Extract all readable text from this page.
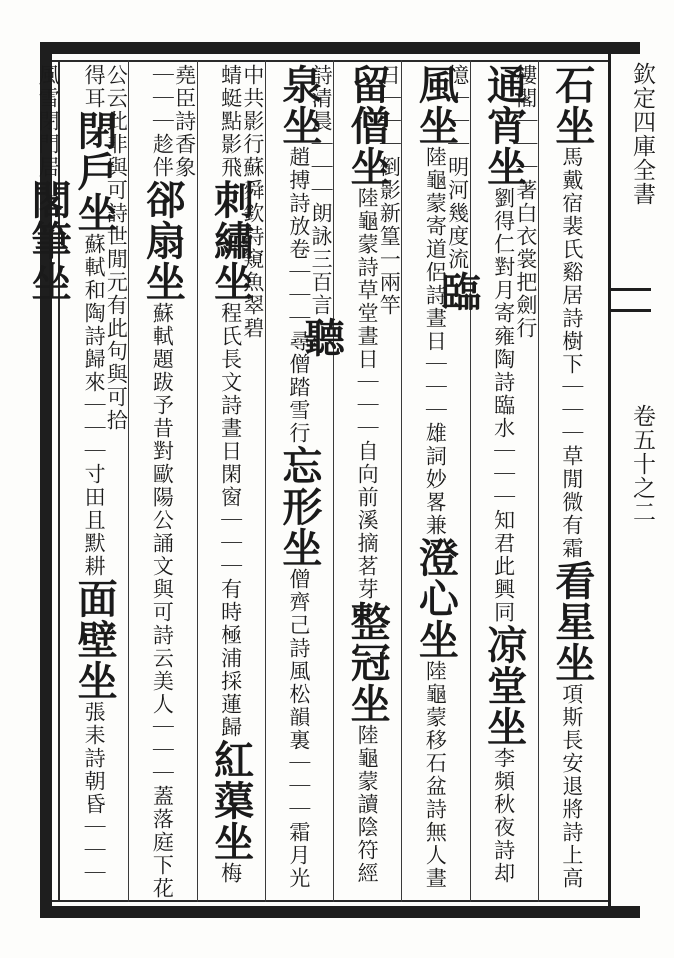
欽定四庫全書
卷五十之二
石坐馬戴宿裴氏谿居詩樹下｜｜｜草閒微有霜看星坐項斯長安退將詩上高樓閣｜｜｜著白衣裳把劍行
通宵坐劉得仁對月寄雍陶詩臨水｜｜｜知君此興同凉堂坐李頻秋夜詩却憶｜｜｜明河幾度流臨
風坐陸龜蒙寄道侶詩晝日｜｜｜雄詞妙畧兼澄心坐陸龜蒙移石盆詩無人晝日｜｜｜倒影新篁一兩竿
留僧坐陸龜蒙詩草堂晝日｜｜｜自向前溪摘茗芽整冠坐陸龜蒙讀陰符經詩清晨｜｜｜朗詠三百言聽
泉坐趙搏詩放卷｜｜｜尋僧踏雪行忘形坐僧齊己詩風松韻裏｜｜｜霜月光中共影行蘇舜欽詩窺魚翠碧
蜻蜓點影飛刺繡坐程氏長文詩晝日閑窗｜｜｜有時極浦採蓮歸紅蕖坐梅堯臣詩香象
｜｜｜趁伴郤扇坐蘇軾題跋予昔對歐陽公誦文與可詩云美人｜｜｜蓋落庭下花公云此非與可詩世閒元有此句與可拾
得耳閉戶坐蘇軾和陶詩歸來｜｜｜寸田且默耕面壁坐張耒詩朝昏｜｜｜風雪閉門居閣筆坐
